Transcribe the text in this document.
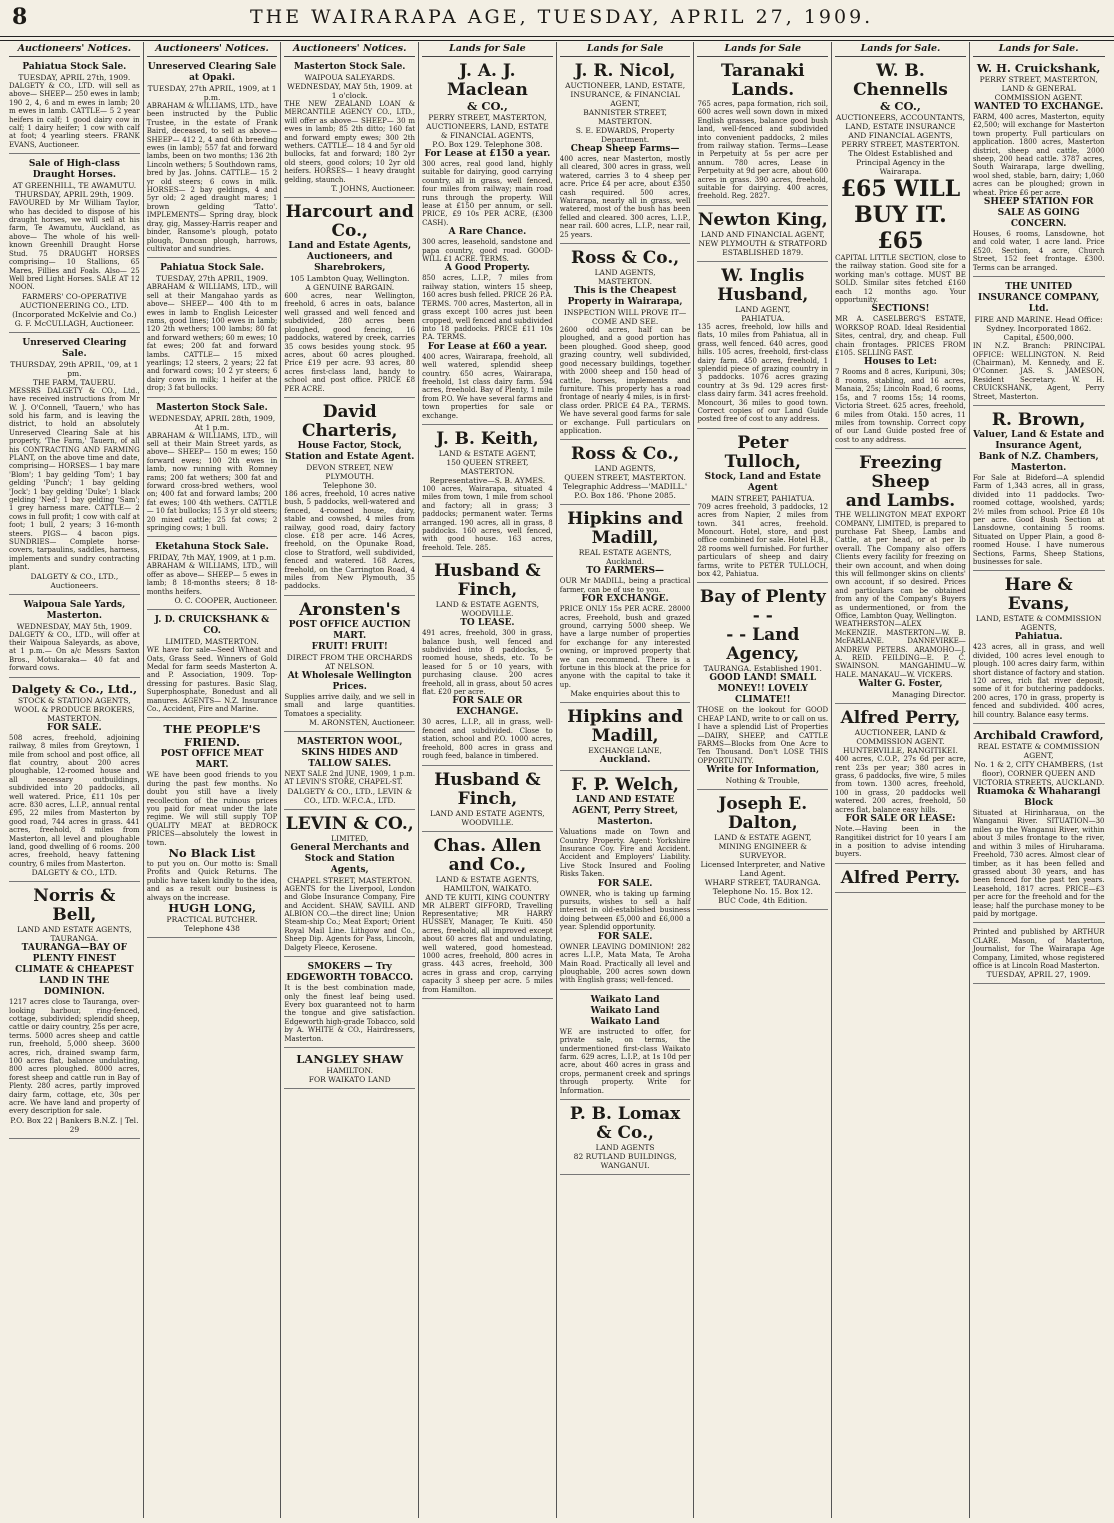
8	THE WAIRARAPA AGE, TUESDAY, APRIL 27, 1909.
Auctioneers' Notices.
Pahiatua Stock Sale.
TUESDAY, APRIL 27th, 1909.
DALGETY & CO., LTD. will sell as above— SHEEP— 250 ewes in lamb; 190 2, 4, 6 and m ewes in lamb; 20 m ewes in lamb. CATTLE— 5 2 year heifers in calf; 1 good dairy cow in calf; 1 dairy heifer; 1 cow with calf at foot; 4 yearling steers. FRANK EVANS, Auctioneer.
Sale of High-class Draught Horses.
AT GREENHILL, TE AWAMUTU.
THURSDAY, APRIL 29th, 1909.
FAVOURED by Mr William Taylor, who has decided to dispose of his draught horses, we will sell at his farm, Te Awamutu, Auckland, as above— The whole of his well-known Greenhill Draught Horse Stud. 75 DRAUGHT HORSES comprising— 10 Stallions, 65 Mares, Fillies and Foals. Also— 25 Well bred Light Horses. SALE AT 12 NOON.
FARMERS' CO-OPERATIVE AUCTIONEERING CO., LTD. (Incorporated McKelvie and Co.) G. F. McCULLAGH, Auctioneer.
Unreserved Clearing Sale.
THURSDAY, 29th APRIL, '09, at 1 pm.
THE FARM, TAUERU.
MESSRS DALGETY & CO., Ltd., have received instructions from Mr W. J. O'Connell, 'Tauern,' who has sold his farm, and is leaving the district, to hold an absolutely Unreserved Clearing Sale at his property, 'The Farm,' Tauern, of all his CONTRACTING AND FARMING PLANT, on the above time and date, comprising— HORSES— 1 bay mare 'Blom'; 1 bay gelding 'Tom'; 1 bay gelding 'Punch'; 1 bay gelding 'Jock'; 1 bay gelding 'Duke'; 1 black gelding 'Ned'; 1 bay gelding 'Sam'; 1 grey harness mare. CATTLE— 2 cows in full profit; 1 cow with calf at foot; 1 bull, 2 years; 3 16-month steers. PIGS— 4 bacon pigs. SUNDRIES— Complete horse-covers, tarpaulins, saddles, harness, implements and sundry contracting plant.
DALGETY & CO., LTD., Auctioneers.
Waipoua Sale Yards, Masterton.
WEDNESDAY, MAY 5th, 1909.
DALGETY & CO., LTD., will offer at their Waipoua Saleyards, as above, at 1 p.m.— On a/c Messrs Saxton Bros., Motukaraka— 40 fat and forward cows.
Dalgety & Co., Ltd.,
STOCK & STATION AGENTS, WOOL & PRODUCE BROKERS, MASTERTON.
FOR SALE.
508 acres, freehold, adjoining railway, 8 miles from Greytown, 1 mile from school and post office, all flat country, about 200 acres ploughable, 12-roomed house and all necessary outbuildings, subdivided into 20 paddocks, all well watered. Price, £11 10s per acre. 830 acres, L.I.P., annual rental £95, 22 miles from Masterton by good road, 744 acres in grass. 441 acres, freehold, 8 miles from Masterton, all level and ploughable land, good dwelling of 6 rooms. 200 acres, freehold, heavy fattening country, 6 miles from Masterton.
DALGETY & CO., LTD.
Norris & Bell,
LAND AND ESTATE AGENTS, TAURANGA.
TAURANGA—BAY OF PLENTY FINEST CLIMATE & CHEAPEST LAND IN THE DOMINION.
1217 acres close to Tauranga, over-looking harbour, ring-fenced, cottage, subdivided; splendid sheep, cattle or dairy country, 25s per acre, terms. 5000 acres sheep and cattle run, freehold, 5,000 sheep. 3600 acres, rich, drained swamp farm, 100 acres flat, balance undulating, 800 acres ploughed. 8000 acres, forest sheep and cattle run in Bay of Plenty. 280 acres, partly improved dairy farm, cottage, etc, 30s per acre. We have land and property of every description for sale.
P.O. Box 22 | Bankers B.N.Z. | Tel. 29
Auctioneers' Notices.
Unreserved Clearing Sale at Opaki.
TUESDAY, 27th APRIL, 1909, at 1 p.m.
ABRAHAM & WILLIAMS, LTD., have been instructed by the Public Trustee, in the estate of Frank Baird, deceased, to sell as above— SHEEP— 412 2, 4 and 6th breeding ewes (in lamb); 557 fat and forward lambs, been on two months; 136 2th Lincoln wethers; 5 Southdown rams, bred by Jas. Johns. CATTLE— 15 2 yr old steers; 6 cows in milk. HORSES— 2 bay geldings, 4 and 5yr old; 2 aged draught mares; 1 brown gelding 'Tatto'. IMPLEMENTS— Spring dray, block dray, gig, Massey-Harris reaper and binder, Ransome's plough, potato plough, Duncan plough, harrows, cultivator and sundries.
Pahiatua Stock Sale.
TUESDAY, 27th APRIL, 1909.
ABRAHAM & WILLIAMS, LTD., will sell at their Mangahao yards as above— SHEEP— 400 4th to m ewes in lamb to English Leicester rams, good lines; 100 ewes in lamb; 120 2th wethers; 100 lambs; 80 fat and forward wethers; 60 m ewes; 10 fat ewes; 200 fat and forward lambs. CATTLE— 15 mixed yearlings; 12 steers, 2 years; 22 fat and forward cows; 10 2 yr steers; 6 dairy cows in milk; 1 heifer at the drop; 3 fat bullocks.
Masterton Stock Sale.
WEDNESDAY, APRIL 28th, 1909, At 1 p.m.
ABRAHAM & WILLIAMS, LTD., will sell at their Main Street yards, as above— SHEEP— 150 m ewes; 150 forward ewes; 100 2th ewes in lamb, now running with Romney rams; 200 fat wethers; 300 fat and forward cross-bred wethers, wool on; 400 fat and forward lambs; 200 fat ewes; 100 4th wethers. CATTLE— 10 fat bullocks; 15 3 yr old steers; 20 mixed cattle; 25 fat cows; 2 springing cows; 1 bull.
Eketahuna Stock Sale.
FRIDAY, 7th MAY, 1909, at 1 p.m.
ABRAHAM & WILLIAMS, LTD., will offer as above— SHEEP— 5 ewes in lamb; 8 18-months steers; 8 18-months heifers.
O. C. COOPER, Auctioneer.
J. D. CRUICKSHANK & CO.
LIMITED, MASTERTON.
WE have for sale—Seed Wheat and Oats, Grass Seed. Winners of Gold Medal for farm seeds Masterton A. and P. Association, 1909. Top-dressing for pastures. Basic Slag, Superphosphate, Bonedust and all manures. AGENTS— N.Z. Insurance Co., Accident, Fire and Marine.
THE PEOPLE'S FRIEND.
POST OFFICE MEAT MART.
WE have been good friends to you during the past few months. No doubt you still have a lively recollection of the ruinous prices you paid for meat under the late regime. We will still supply TOP QUALITY MEAT at BEDROCK PRICES—absolutely the lowest in town.
No Black List
to put you on. Our motto is: Small Profits and Quick Returns. The public have taken kindly to the idea, and as a result our business is always on the increase.
HUGH LONG,
PRACTICAL BUTCHER.
Telephone 438
Auctioneers' Notices.
Masterton Stock Sale.
WAIPOUA SALEYARDS.
WEDNESDAY, MAY 5th, 1909. at 1 o'clock.
THE NEW ZEALAND LOAN & MERCANTILE AGENCY CO., LTD., will offer as above— SHEEP— 30 m ewes in lamb; 85 2th ditto; 160 fat and forward empty ewes; 300 2th wethers. CATTLE— 18 4 and 5yr old bullocks, fat and forward; 180 2yr old steers, good colors; 10 2yr old heifers. HORSES— 1 heavy draught gelding, staunch.
T. JOHNS, Auctioneer.
Harcourt and Co.,
Land and Estate Agents, Auctioneers, and Sharebrokers,
105 Lambton Quay, Wellington.
A GENUINE BARGAIN.
600 acres, near Wellington, freehold, 6 acres in oats, balance well grassed and well fenced and subdivided, 280 acres been ploughed, good fencing, 16 paddocks, watered by creek, carries 35 cows besides young stock. 95 acres, about 60 acres ploughed. Price £19 per acre. 93 acres, 80 acres first-class land, handy to school and post office. PRICE £8 PER ACRE.
David Charteris,
House Factor, Stock, Station and Estate Agent.
DEVON STREET, NEW PLYMOUTH.
Telephone 30.
186 acres, freehold, 10 acres native bush, 5 paddocks, well-watered and fenced, 4-roomed house, dairy, stable and cowshed, 4 miles from railway, good road, dairy factory close. £18 per acre. 146 Acres, freehold, on the Opunake Road, close to Stratford, well subdivided, fenced and watered. 168 Acres, freehold, on the Carrington Road, 4 miles from New Plymouth, 35 paddocks.
Aronsten's
POST OFFICE AUCTION MART.
FRUIT! FRUIT!
DIRECT FROM THE ORCHARDS AT NELSON.
At Wholesale Wellington Prices.
Supplies arrive daily, and we sell in small and large quantities. Tomatoes a speciality.
M. ARONSTEN, Auctioneer.
MASTERTON WOOL, SKINS HIDES AND TALLOW SALES.
NEXT SALE 2nd JUNE, 1909, 1 p.m. AT LEVIN'S STORE, CHAPEL-ST.
DALGETY & CO., LTD., LEVIN & CO., LTD. W.F.C.A., LTD.
LEVIN & CO.,
LIMITED,
General Merchants and Stock and Station Agents,
CHAPEL STREET, MASTERTON.
AGENTS for the Liverpool, London and Globe Insurance Company, Fire and Accident. SHAW, SAVILL AND ALBION CO.—the direct line; Union Steam-ship Co.; Meat Export; Orient Royal Mail Line. Lithgow and Co., Sheep Dip. Agents for Pass, Lincoln, Dalgety Fleece, Kerosene.
SMOKERS — Try EDGEWORTH TOBACCO.
It is the best combination made, only the finest leaf being used. Every box guaranteed not to harm the tongue and give satisfaction. Edgeworth high-grade Tobacco, sold by A. WHITE & CO., Hairdressers, Masterton.
LANGLEY SHAW
HAMILTON.
FOR WAIKATO LAND
Lands for Sale
J. A. J. Maclean
& CO.,
PERRY STREET, MASTERTON, AUCTIONEERS, LAND, ESTATE & FINANCIAL AGENTS,
P.O. Box 129. Telephone 308.
For Lease at £150 a year.
300 acres, real good land, highly suitable for dairying, good carrying country, all in grass, well fenced, four miles from railway; main road runs through the property. Will lease at £150 per annum, or sell. PRICE, £9 10s PER ACRE, (£300 CASH).
A Rare Chance.
300 acres, leasehold, sandstone and papa country, good road. GOOD-WILL £1 ACRE. TERMS.
A Good Property.
850 acres, L.I.P., 7 miles from railway station, winters 15 sheep, 160 acres bush felled. PRICE 26 P.A. TERMS. 700 acres, Masterton, all in grass except 100 acres just been cropped, well fenced and subdivided into 18 paddocks. PRICE £11 10s P.A. TERMS.
For Lease at £60 a year.
400 acres, Wairarapa, freehold, all well watered, splendid sheep country. 650 acres, Wairarapa, freehold, 1st class dairy farm. 594 acres, freehold. Bay of Plenty, 1 mile from P.O. We have several farms and town properties for sale or exchange.
J. B. Keith,
LAND & ESTATE AGENT,
150 QUEEN STREET, MASTERTON.
Representative—S. B. AYMES.
100 acres, Wairarapa, situated 4 miles from town, 1 mile from school and factory; all in grass; 3 paddocks; permanent water. Terms arranged. 190 acres, all in grass, 8 paddocks. 160 acres, well fenced, with good house. 163 acres, freehold. Tele. 285.
Husband & Finch,
LAND & ESTATE AGENTS, WOODVILLE.
TO LEASE.
491 acres, freehold, 300 in grass, balance bush, well fenced and subdivided into 8 paddocks, 5-roomed house, sheds, etc. To be leased for 5 or 10 years, with purchasing clause. 200 acres freehold, all in grass, about 50 acres flat. £20 per acre.
FOR SALE OR EXCHANGE.
30 acres, L.I.P., all in grass, well-fenced and subdivided. Close to station, school and P.O. 1000 acres, freehold, 800 acres in grass and rough feed, balance in timbered.
Husband & Finch,
LAND AND ESTATE AGENTS, WOODVILLE.
Chas. Allen and Co.,
LAND & ESTATE AGENTS,
HAMILTON, WAIKATO.
AND TE KUITI, KING COUNTRY
MR ALBERT GIFFORD, Travelling Representative; MR HARRY HUSSEY, Manager, Te Kuiti. 450 acres, freehold, all improved except about 60 acres flat and undulating, well watered, good homestead. 1000 acres, freehold, 800 acres in grass. 443 acres, freehold, 300 acres in grass and crop, carrying capacity 3 sheep per acre. 5 miles from Hamilton.
Lands for Sale
J. R. Nicol,
AUCTIONEER, LAND, ESTATE, INSURANCE, & FINANCIAL AGENT,
BANNISTER STREET, MASTERTON.
S. E. EDWARDS, Property Department.
Cheap Sheep Farms—
400 acres, near Masterton, mostly all cleared, 300 acres in grass, well watered, carries 3 to 4 sheep per acre. Price £4 per acre, about £350 cash required. 500 acres, Wairarapa, nearly all in grass, well watered, most of the bush has been felled and cleared. 300 acres, L.I.P., near rail. 600 acres, L.I.P., near rail, 25 years.
Ross & Co.,
LAND AGENTS,
MASTERTON.
This is the Cheapest Property in Wairarapa,
INSPECTION WILL PROVE IT— COME AND SEE.
2600 odd acres, half can be ploughed, and a good portion has been ploughed. Good sheep, good grazing country, well subdivided, good necessary buildings, together with 2000 sheep and 150 head of cattle, horses, implements and furniture. This property has a road frontage of nearly 4 miles, is in first-class order. PRICE £4 P.A., TERMS. We have several good farms for sale or exchange. Full particulars on application.
Ross & Co.,
LAND AGENTS,
QUEEN STREET, MASTERTON.
Telegraphic Address—'MADILL.' P.O. Box 186. 'Phone 2085.
Hipkins and Madill,
REAL ESTATE AGENTS, Auckland.
TO FARMERS—
OUR Mr MADILL, being a practical farmer, can be of use to you.
FOR EXCHANGE.
PRICE ONLY 15s PER ACRE. 28000 acres, Freehold, bush and grazed ground, carrying 5000 sheep. We have a large number of properties for exchange for any interested owning, or improved property that we can recommend. There is a fortune in this block at the price for anyone with the capital to take it up.
Make enquiries about this to
Hipkins and Madill,
EXCHANGE LANE,
Auckland.
F. P. Welch,
LAND AND ESTATE AGENT, Perry Street, Masterton.
Valuations made on Town and Country Property. Agent: Yorkshire Insurance Coy. Fire and Accident. Accident and Employers' Liability. Live Stock Insured and Fooling Risks Taken.
FOR SALE.
OWNER, who is taking up farming pursuits, wishes to sell a half interest in old-established business doing between £5,000 and £6,000 a year. Splendid opportunity.
FOR SALE.
OWNER LEAVING DOMINION! 282 acres L.I.P., Mata Mata, Te Aroha Main Road. Practically all level and ploughable, 200 acres sown down with English grass; well-fenced.
Waikato Land
Waikato Land
Waikato Land
WE are instructed to offer, for private sale, on terms, the undermentioned first-class Waikato farm. 629 acres, L.I.P., at 1s 10d per acre, about 460 acres in grass and crops, permanent creek and springs through property. Write for Information.
P. B. Lomax & Co.,
LAND AGENTS
82 RUTLAND BUILDINGS,
WANGANUI.
Lands for Sale
Taranaki Lands.
765 acres, papa formation, rich soil, 600 acres well sown down in mixed English grasses, balance good bush land, well-fenced and subdivided into convenient paddocks, 2 miles from railway station. Terms—Lease in Perpetuity at 5s per acre per annum. 780 acres, Lease in Perpetuity at 9d per acre, about 600 acres in grass. 390 acres, freehold, suitable for dairying. 400 acres, freehold. Reg. 2827.
Newton King,
LAND AND FINANCIAL AGENT, NEW PLYMOUTH & STRATFORD
ESTABLISHED 1879.
W. Inglis Husband,
LAND AGENT,
PAHIATUA.
135 acres, freehold, low hills and flats, 10 miles from Pahiatua, all in grass, well fenced. 640 acres, good hills. 105 acres, freehold, first-class dairy farm. 450 acres, freehold, 1 splendid piece of grazing country in 3 paddocks. 1076 acres grazing country at 3s 9d. 129 acres first-class dairy farm. 341 acres freehold. Moncourt, 36 miles to good town. Correct copies of our Land Guide posted free of cost to any address.
Peter Tulloch,
Stock, Land and Estate Agent
MAIN STREET, PAHIATUA.
709 acres freehold, 3 paddocks, 12 acres from Napier, 2 miles from town. 341 acres, freehold. Moncourt. Hotel, store, and post office combined for sale. Hotel H.B., 28 rooms well furnished. For further particulars of sheep and dairy farms, write to PETER TULLOCH, box 42, Pahiatua.
Bay of Plenty - -
- - Land Agency,
TAURANGA. Established 1901.
GOOD LAND! SMALL MONEY!! LOVELY CLIMATE!!
THOSE on the lookout for GOOD CHEAP LAND, write to or call on us. I have a splendid List of Properties—DAIRY, SHEEP, and CATTLE FARMS—Blocks from One Acre to Ten Thousand. Don't LOSE THIS OPPORTUNITY.
Write for Information,
Nothing & Trouble,
Joseph E. Dalton,
LAND & ESTATE AGENT, MINING ENGINEER & SURVEYOR.
Licensed Interpreter, and Native Land Agent.
WHARF STREET, TAURANGA.
Telephone No. 15. Box 12.
BUC Code, 4th Edition.
Lands for Sale.
W. B. Chennells
& CO.,
AUCTIONEERS, ACCOUNTANTS, LAND, ESTATE INSURANCE AND FINANCIAL AGENTS,
PERRY STREET, MASTERTON.
The Oldest Established and Principal Agency in the Wairarapa.
£65 WILL BUY IT. £65
CAPITAL LITTLE SECTION, close to the railway station. Good site for a working man's cottage. MUST BE SOLD. Similar sites fetched £160 each 12 months ago. Your opportunity.
SECTIONS!
MR A. CASELBERG'S ESTATE, WORKSOP ROAD. Ideal Residential Sites, central, dry, and cheap. Full chain frontages. PRICES FROM £105. SELLING FAST.
Houses to Let:
7 Rooms and 8 acres, Kuripuni, 30s; 8 rooms, stabling, and 16 acres, Manaia, 25s; Lincoln Road, 6 rooms, 15s, and 7 rooms 15s; 14 rooms, Victoria Street. 625 acres, freehold, 6 miles from Otaki. 150 acres, 11 miles from township. Correct copy of our Land Guide posted free of cost to any address.
Freezing Sheep
and Lambs.
THE WELLINGTON MEAT EXPORT COMPANY, LIMITED, is prepared to purchase Fat Sheep, Lambs and Cattle, at per head, or at per lb overall. The Company also offers Clients every facility for freezing on their own account, and when doing this will fellmonger skins on clients' own account, if so desired. Prices and particulars can be obtained from any of the Company's Buyers as undermentioned, or from the Office, Lambton Quay, Wellington.
WEATHERSTON—ALEX McKENZIE. MASTERTON—W. B. McFARLANE. DANNEVIRKE—ANDREW PETERS. ARAMOHO—J. A. REID. FEILDING—E. P. C. SWAINSON. MANGAHIMU—W. HALE. MANAKAU—W. VICKERS.
Walter G. Foster,
Managing Director.
Alfred Perry,
AUCTIONEER, LAND & COMMISSION AGENT.
HUNTERVILLE, RANGITIKEI.
400 acres, C.O.P., 27s 6d per acre, rent 23s per year; 380 acres in grass, 6 paddocks, five wire, 5 miles from town. 1300 acres, freehold, 100 in grass, 20 paddocks well watered. 200 acres, freehold, 50 acres flat, balance easy hills.
FOR SALE OR LEASE:
Note.—Having been in the Rangitikei district for 10 years I am in a position to advise intending buyers.
Alfred Perry.
Lands for Sale.
W. H. Cruickshank,
PERRY STREET, MASTERTON, LAND & GENERAL COMMISSION AGENT.
WANTED TO EXCHANGE.
FARM, 400 acres, Masterton, equity £2,500; will exchange for Masterton town property. Full particulars on application. 1800 acres, Masterton district, sheep and cattle, 2000 sheep, 200 head cattle. 3787 acres, South Wairarapa, large dwelling, wool shed, stable, barn, dairy; 1,060 acres can be ploughed; grown in wheat. Price £6 per acre.
SHEEP STATION FOR SALE AS GOING CONCERN.
Houses, 6 rooms, Lansdowne, hot and cold water, 1 acre land. Price £520. Section, 4 acre, Church Street, 152 feet frontage. £300. Terms can be arranged.
THE UNITED INSURANCE COMPANY, Ltd.
FIRE AND MARINE. Head Office: Sydney. Incorporated 1862. Capital, £500,000.
IN N.Z. Branch: PRINCIPAL OFFICE: WELLINGTON. N. Reid (Chairman), M. Kennedy, and E. O'Conner. JAS. S. JAMESON, Resident Secretary. W. H. CRUICKSHANK, Agent, Perry Street, Masterton.
R. Brown,
Valuer, Land & Estate and Insurance Agent,
Bank of N.Z. Chambers, Masterton.
For Sale at Bideford—A splendid Farm of 1,343 acres, all in grass, divided into 11 paddocks. Two-roomed cottage, woolshed, yards; 2½ miles from school. Price £8 10s per acre. Good Bush Section at Lansdowne, containing 5 rooms. Situated on Upper Plain, a good 8-roomed House. I have numerous Sections, Farms, Sheep Stations, businesses for sale.
Hare & Evans,
LAND, ESTATE & COMMISSION AGENTS,
Pahiatua.
423 acres, all in grass, and well divided, 100 acres level enough to plough. 100 acres dairy farm, within short distance of factory and station. 120 acres, rich flat river deposit, some of it for butchering paddocks. 200 acres, 170 in grass, property is fenced and subdivided. 400 acres, hill country. Balance easy terms.
Archibald Crawford,
REAL ESTATE & COMMISSION AGENT,
No. 1 & 2, CITY CHAMBERS, (1st floor), CORNER QUEEN AND VICTORIA STREETS, AUCKLAND.
Ruamoka & Whaharangi Block
Situated at Hirinharaua, on the Wanganui River. SITUATION—30 miles up the Wanganui River, within about 3 miles frontage to the river, and within 3 miles of Hiruharama. Freehold, 730 acres. Almost clear of timber, as it has been felled and grassed about 30 years, and has been fenced for the past ten years. Leasehold, 1817 acres. PRICE—£3 per acre for the freehold and for the lease; half the purchase money to be paid by mortgage.
Printed and published by ARTHUR CLARE. Mason, of Masterton, Journalist, for The Wairarapa Age Company, Limited, whose registered office is at Lincoln Road Masterton.
TUESDAY, APRIL 27, 1909.
